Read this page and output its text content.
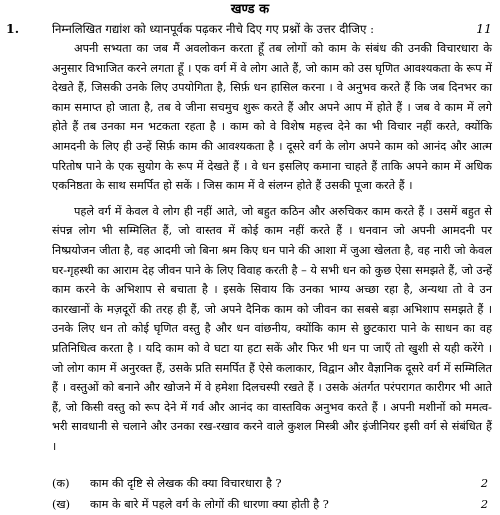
खण्ड क
1.	निम्नलिखित गद्यांश को ध्यानपूर्वक पढ़कर नीचे दिए गए प्रश्नों के उत्तर दीजिए :	11

अपनी सभ्यता का जब मैं अवलोकन करता हूँ तब लोगों को काम के संबंध की उनकी विचारधारा के अनुसार विभाजित करने लगता हूँ । एक वर्ग में वे लोग आते हैं, जो काम को उस घृणित आवश्यकता के रूप में देखते हैं, जिसकी उनके लिए उपयोगिता है, सिर्फ़ धन हासिल करना । वे अनुभव करते हैं कि जब दिनभर का काम समाप्त हो जाता है, तब वे जीना सचमुच शुरू करते हैं और अपने आप में होते हैं । जब वे काम में लगे होते हैं तब उनका मन भटकता रहता है । काम को वे विशेष महत्त्व देने का भी विचार नहीं करते, क्योंकि आमदनी के लिए ही उन्हें सिर्फ़ काम की आवश्यकता है । दूसरे वर्ग के लोग अपने काम को आनंद और आत्म परितोष पाने के एक सुयोग के रूप में देखते हैं । वे धन इसलिए कमाना चाहते हैं ताकि अपने काम में अधिक एकनिष्ठता के साथ समर्पित हो सकें । जिस काम में वे संलग्न होते हैं उसकी पूजा करते हैं ।

पहले वर्ग में केवल वे लोग ही नहीं आते, जो बहुत कठिन और अरुचिकर काम करते हैं । उसमें बहुत से संपन्न लोग भी सम्मिलित हैं, जो वास्तव में कोई काम नहीं करते हैं । धनवान जो अपनी आमदनी पर निष्प्रयोजन जीता है, वह आदमी जो बिना श्रम किए धन पाने की आशा में जुआ खेलता है, वह नारी जो केवल घर-गृहस्थी का आराम देह जीवन पाने के लिए विवाह करती है – ये सभी धन को कुछ ऐसा समझते हैं, जो उन्हें काम करने के अभिशाप से बचाता है । इसके सिवाय कि उनका भाग्य अच्छा रहा है, अन्यथा तो वे उन कारखानों के मज़दूरों की तरह ही हैं, जो अपने दैनिक काम को जीवन का सबसे बड़ा अभिशाप समझते हैं । उनके लिए धन तो कोई घृणित वस्तु है और धन वांछनीय, क्योंकि काम से छुटकारा पाने के साधन का वह प्रतिनिधित्व करता है । यदि काम को वे घटा या हटा सकें और फिर भी धन पा जाएँ तो खुशी से यही करेंगे । जो लोग काम में अनुरक्त हैं, उसके प्रति समर्पित हैं ऐसे कलाकार, विद्वान और वैज्ञानिक दूसरे वर्ग में सम्मिलित हैं । वस्तुओं को बनाने और खोजने में वे हमेशा दिलचस्पी रखते हैं । उसके अंतर्गत परंपरागत कारीगर भी आते हैं, जो किसी वस्तु को रूप देने में गर्व और आनंद का वास्तविक अनुभव करते हैं । अपनी मशीनों को ममत्व-भरी सावधानी से चलाने और उनका रख-रखाव करने वाले कुशल मिस्त्री और इंजीनियर इसी वर्ग से संबंधित हैं ।

(क) काम की दृष्टि से लेखक की क्या विचारधारा है ?	2
(ख) काम के बारे में पहले वर्ग के लोगों की धारणा क्या होती है ?	2
